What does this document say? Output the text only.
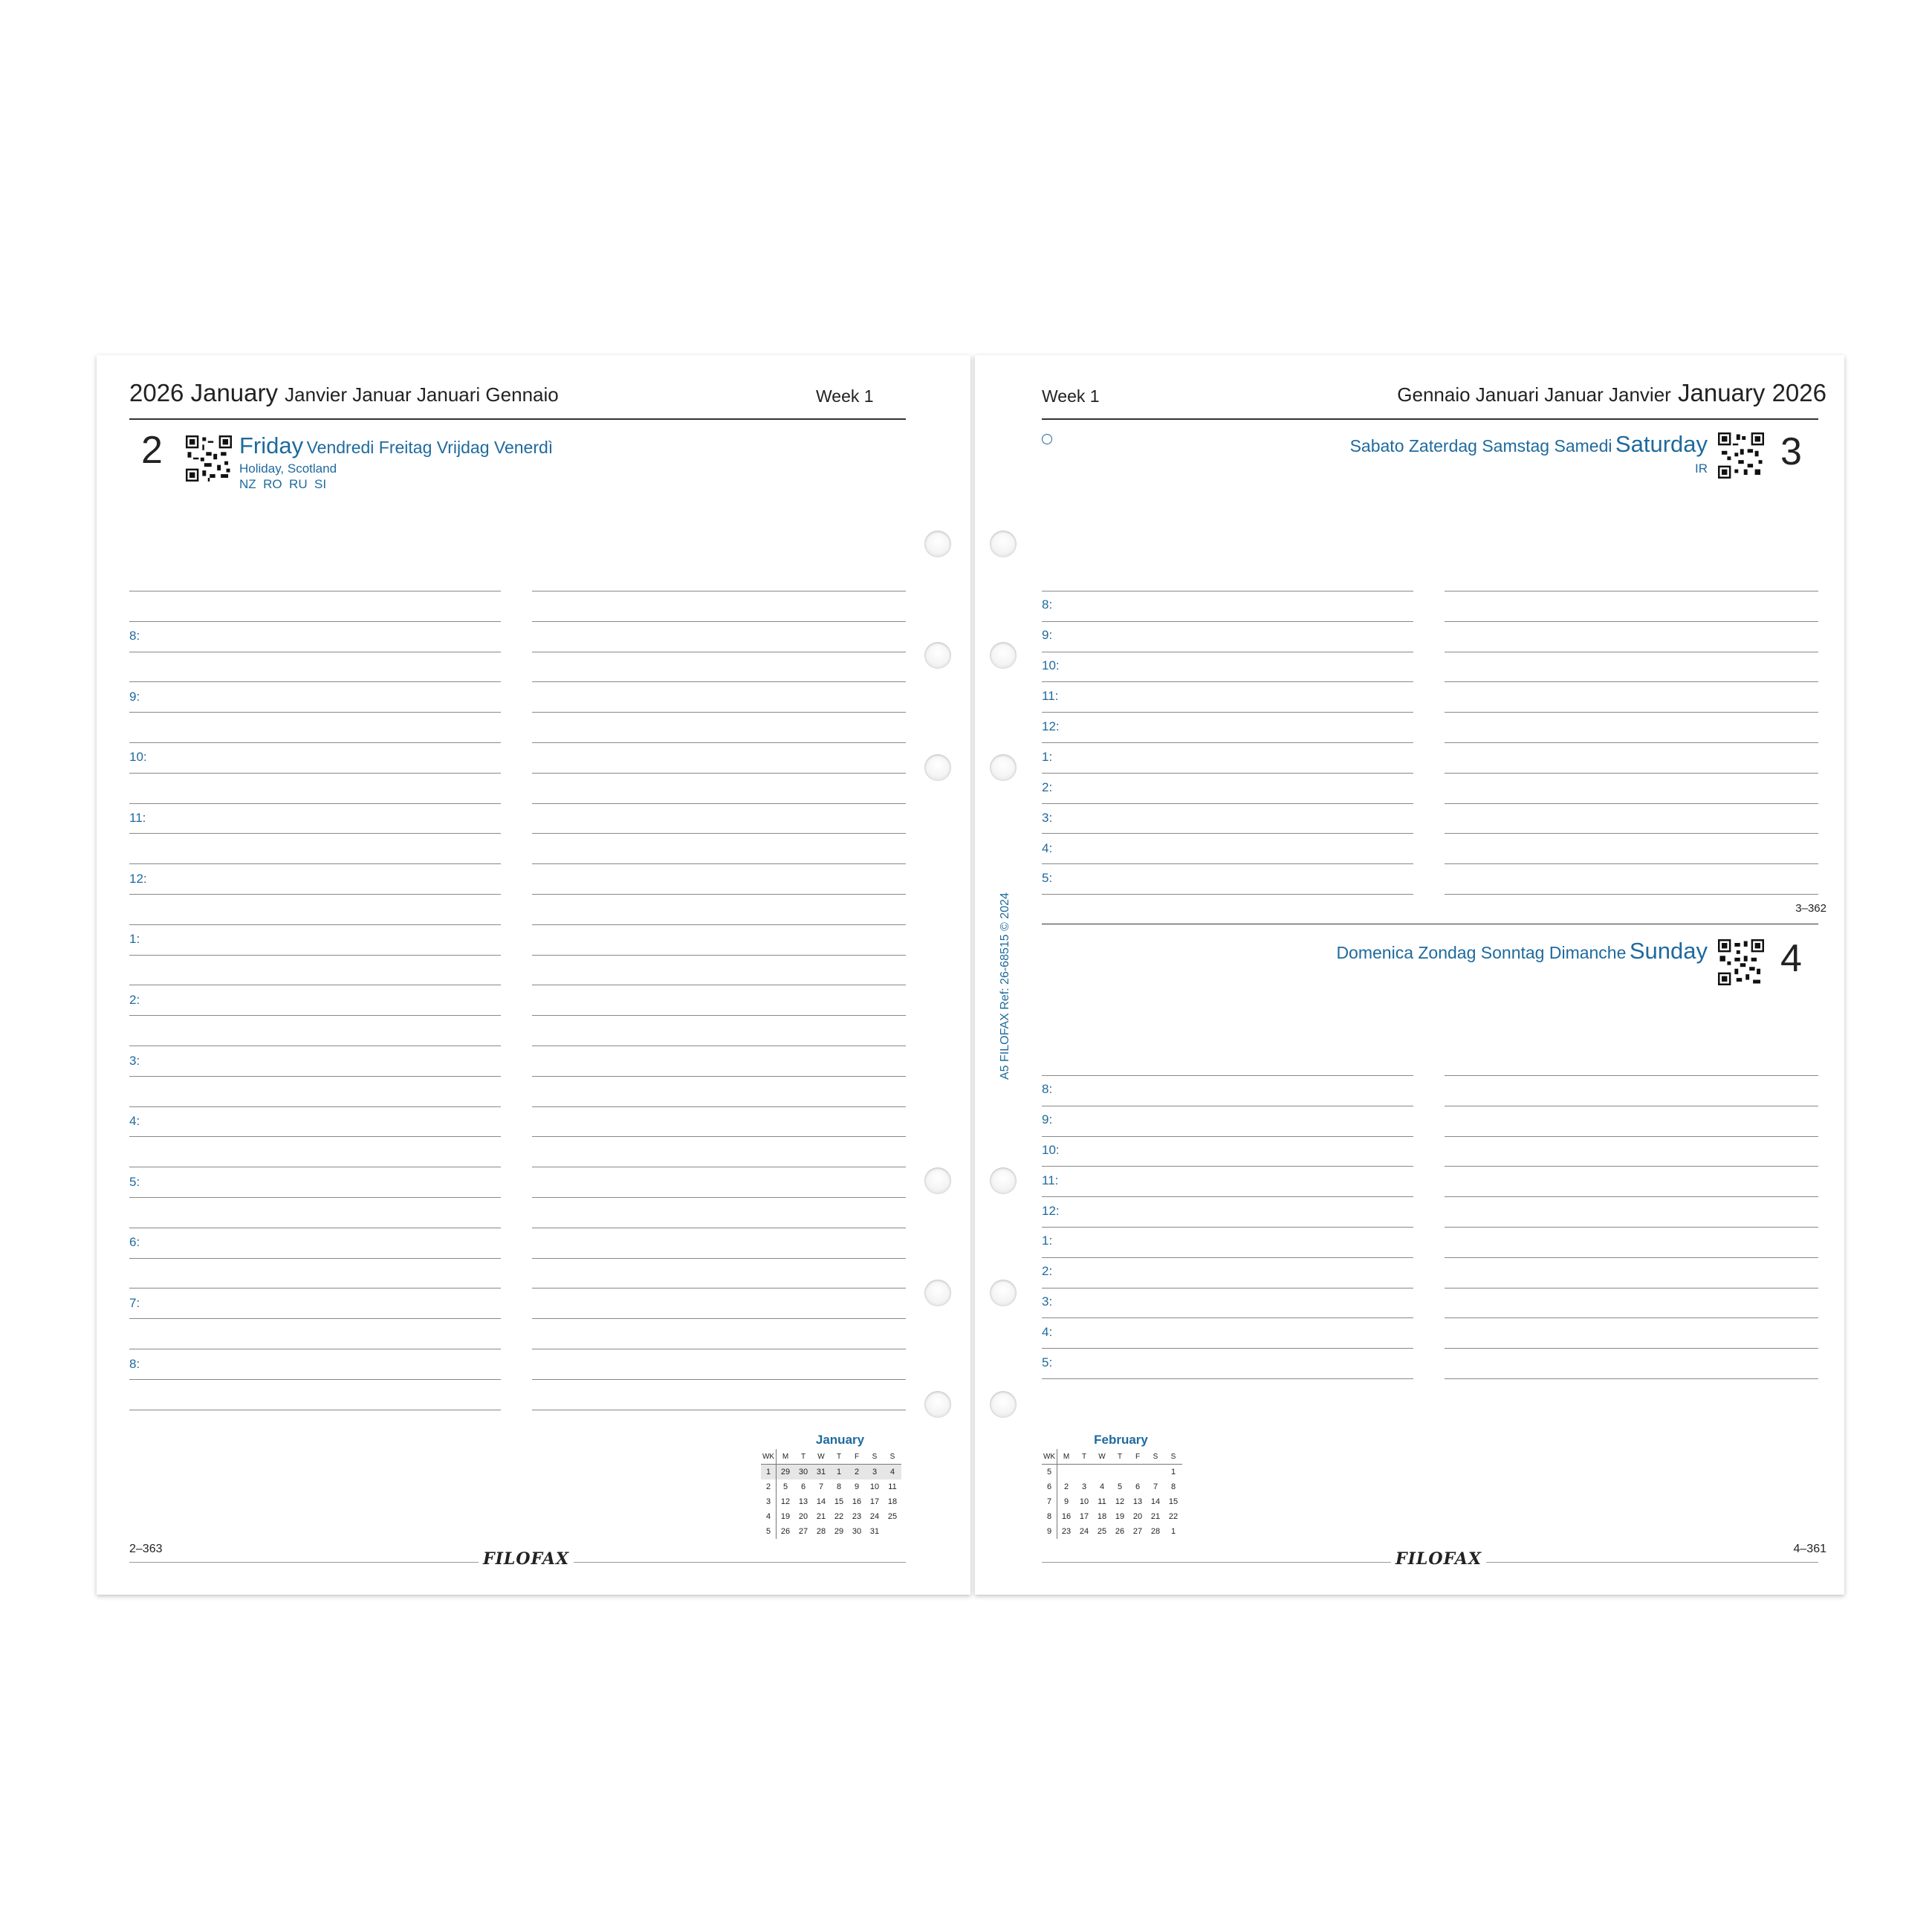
2026 January Janvier Januar Januari Gennaio	Week 1
2	Friday Vendredi Freitag Vrijdag Venerdì
Holiday, Scotland
NZ  RO  RU  SI
8:
9:
10:
11:
12:
1:
2:
3:
4:
5:
6:
7:
8:
January
WK	M	T	W	T	F	S	S
1	29	30	31	1	2	3	4
2	5	6	7	8	9	10	11
3	12	13	14	15	16	17	18
4	19	20	21	22	23	24	25
5	26	27	28	29	30	31	
2–363
FILOFAX
A5 FILOFAX Ref: 26-68515 © 2024
Week 1	Gennaio Januari Januar Janvier January 2026
Sabato Zaterdag Samstag Samedi Saturday
IR 3
8:
9:
10:
11:
12:
1:
2:
3:
4:
5:
3–362
Domenica Zondag Sonntag Dimanche Sunday 4
8:
9:
10:
11:
12:
1:
2:
3:
4:
5:
February
WK	M	T	W	T	F	S	S
5							1
6	2	3	4	5	6	7	8
7	9	10	11	12	13	14	15
8	16	17	18	19	20	21	22
9	23	24	25	26	27	28	1
4–361
FILOFAX
